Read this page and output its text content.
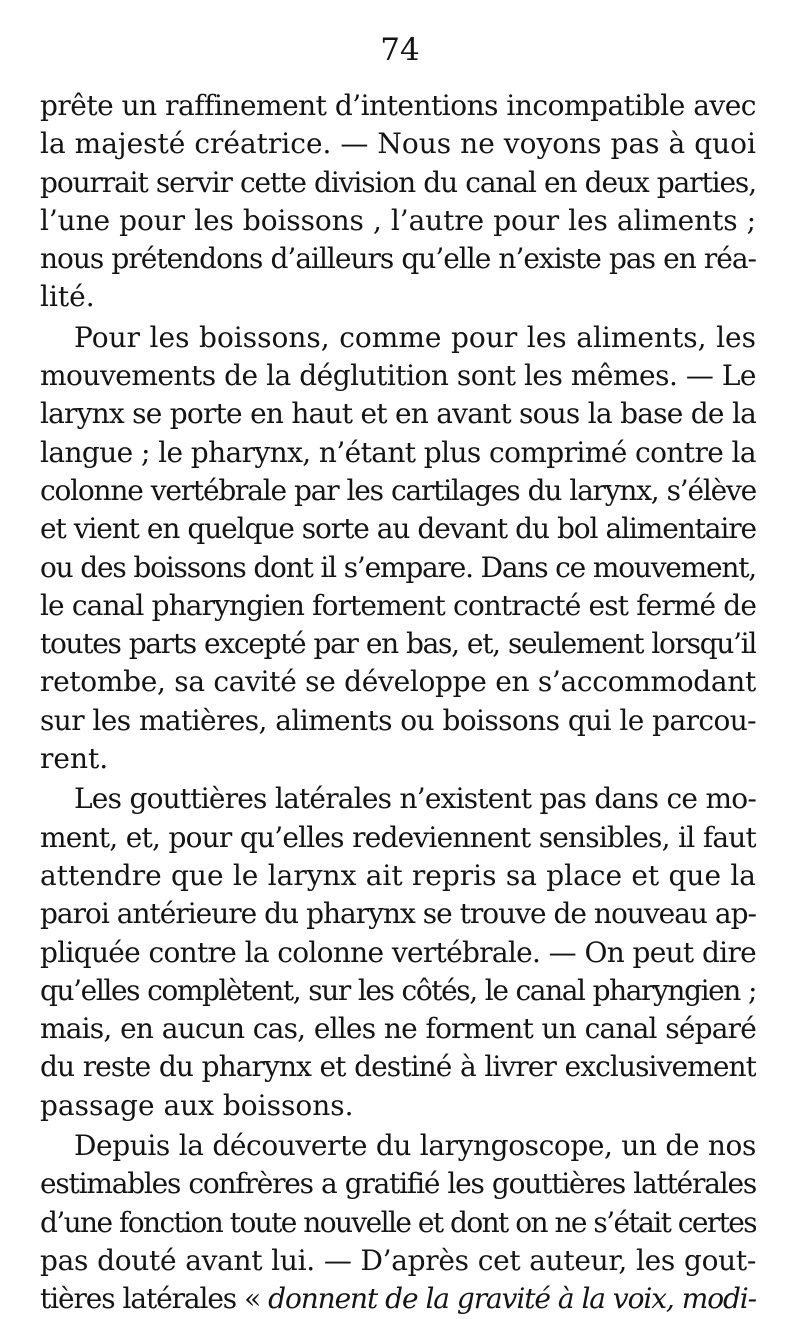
74
prête un raffinement d’intentions incompatible avec
la majesté créatrice. — Nous ne voyons pas à quoi
pourrait servir cette division du canal en deux parties,
l’une pour les boissons , l’autre pour les aliments ;
nous prétendons d’ailleurs qu’elle n’existe pas en réa-
lité.
Pour les boissons, comme pour les aliments, les
mouvements de la déglutition sont les mêmes. — Le
larynx se porte en haut et en avant sous la base de la
langue ; le pharynx, n’étant plus comprimé contre la
colonne vertébrale par les cartilages du larynx, s’élève
et vient en quelque sorte au devant du bol alimentaire
ou des boissons dont il s’empare. Dans ce mouvement,
le canal pharyngien fortement contracté est fermé de
toutes parts excepté par en bas, et, seulement lorsqu’il
retombe, sa cavité se développe en s’accommodant
sur les matières, aliments ou boissons qui le parcou-
rent.
Les gouttières latérales n’existent pas dans ce mo-
ment, et, pour qu’elles redeviennent sensibles, il faut
attendre que le larynx ait repris sa place et que la
paroi antérieure du pharynx se trouve de nouveau ap-
pliquée contre la colonne vertébrale. — On peut dire
qu’elles complètent, sur les côtés, le canal pharyngien ;
mais, en aucun cas, elles ne forment un canal séparé
du reste du pharynx et destiné à livrer exclusivement
passage aux boissons.
Depuis la découverte du laryngoscope, un de nos
estimables confrères a gratifié les gouttières lattérales
d’une fonction toute nouvelle et dont on ne s’était certes
pas douté avant lui. — D’après cet auteur, les gout-
tières latérales « donnent de la gravité à la voix, modi-
